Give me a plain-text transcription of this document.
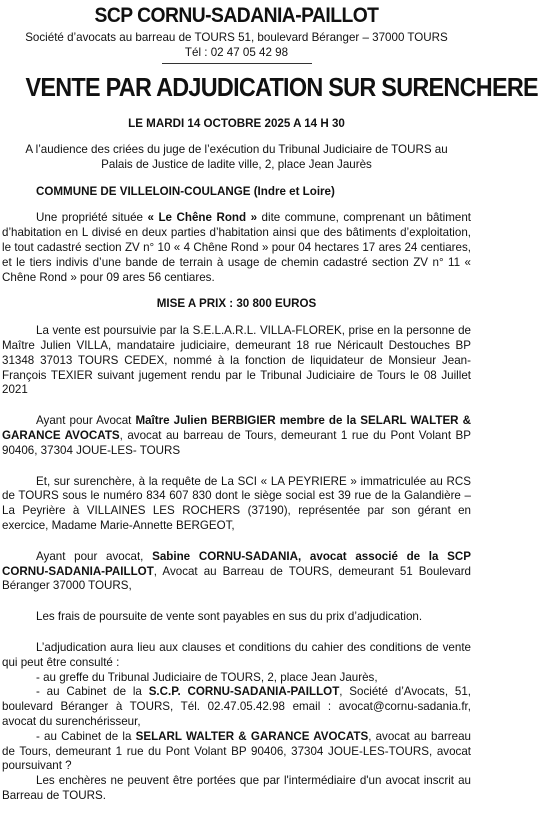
SCP CORNU-SADANIA-PAILLOT
Société d’avocats au barreau de TOURS 51, boulevard Béranger – 37000 TOURS
Tél : 02 47 05 42 98
VENTE PAR ADJUDICATION SUR SURENCHERE
LE MARDI 14 OCTOBRE 2025 A 14 H 30

A l’audience des criées du juge de l’exécution du Tribunal Judiciaire de TOURS au Palais de Justice de ladite ville, 2, place Jean Jaurès

COMMUNE DE VILLELOIN-COULANGE (Indre et Loire)

Une propriété située « Le Chêne Rond » dite commune, comprenant un bâtiment d’habitation en L divisé en deux parties d’habitation ainsi que des bâtiments d’exploitation, le tout cadastré section ZV n° 10 « 4 Chêne Rond » pour 04 hectares 17 ares 24 centiares, et le tiers indivis d’une bande de terrain à usage de chemin cadastré section ZV n° 11 « Chêne Rond » pour 09 ares 56 centiares.

MISE A PRIX : 30 800 EUROS

La vente est poursuivie par la S.E.L.A.R.L. VILLA-FLOREK, prise en la personne de Maître Julien VILLA, mandataire judiciaire, demeurant 18 rue Néricault Destouches BP 31348 37013 TOURS CEDEX, nommé à la fonction de liquidateur de Monsieur Jean-François TEXIER suivant jugement rendu par le Tribunal Judiciaire de Tours le 08 Juillet 2021

Ayant pour Avocat Maître Julien BERBIGIER membre de la SELARL WALTER & GARANCE AVOCATS, avocat au barreau de Tours, demeurant 1 rue du Pont Volant BP 90406, 37304 JOUE-LES- TOURS

Et, sur surenchère, à la requête de La SCI « LA PEYRIERE » immatriculée au RCS de TOURS sous le numéro 834 607 830 dont le siège social est 39 rue de la Galandière – La Peyrière à VILLAINES LES ROCHERS (37190), représentée par son gérant en exercice, Madame Marie-Annette BERGEOT,

Ayant pour avocat, Sabine CORNU-SADANIA, avocat associé de la SCP CORNU-SADANIA-PAILLOT, Avocat au Barreau de TOURS, demeurant 51 Boulevard Béranger 37000 TOURS,

Les frais de poursuite de vente sont payables en sus du prix d’adjudication.

L’adjudication aura lieu aux clauses et conditions du cahier des conditions de vente qui peut être consulté :

- au greffe du Tribunal Judiciaire de TOURS, 2, place Jean Jaurès,

- au Cabinet de la S.C.P. CORNU-SADANIA-PAILLOT, Société d’Avocats, 51, boulevard Béranger à TOURS, Tél. 02.47.05.42.98 email : avocat@cornu-sadania.fr, avocat du surenchérisseur,

- au Cabinet de la SELARL WALTER & GARANCE AVOCATS, avocat au barreau de Tours, demeurant 1 rue du Pont Volant BP 90406, 37304 JOUE-LES-TOURS, avocat poursuivant ?

Les enchères ne peuvent être portées que par l'intermédiaire d'un avocat inscrit au Barreau de TOURS.
